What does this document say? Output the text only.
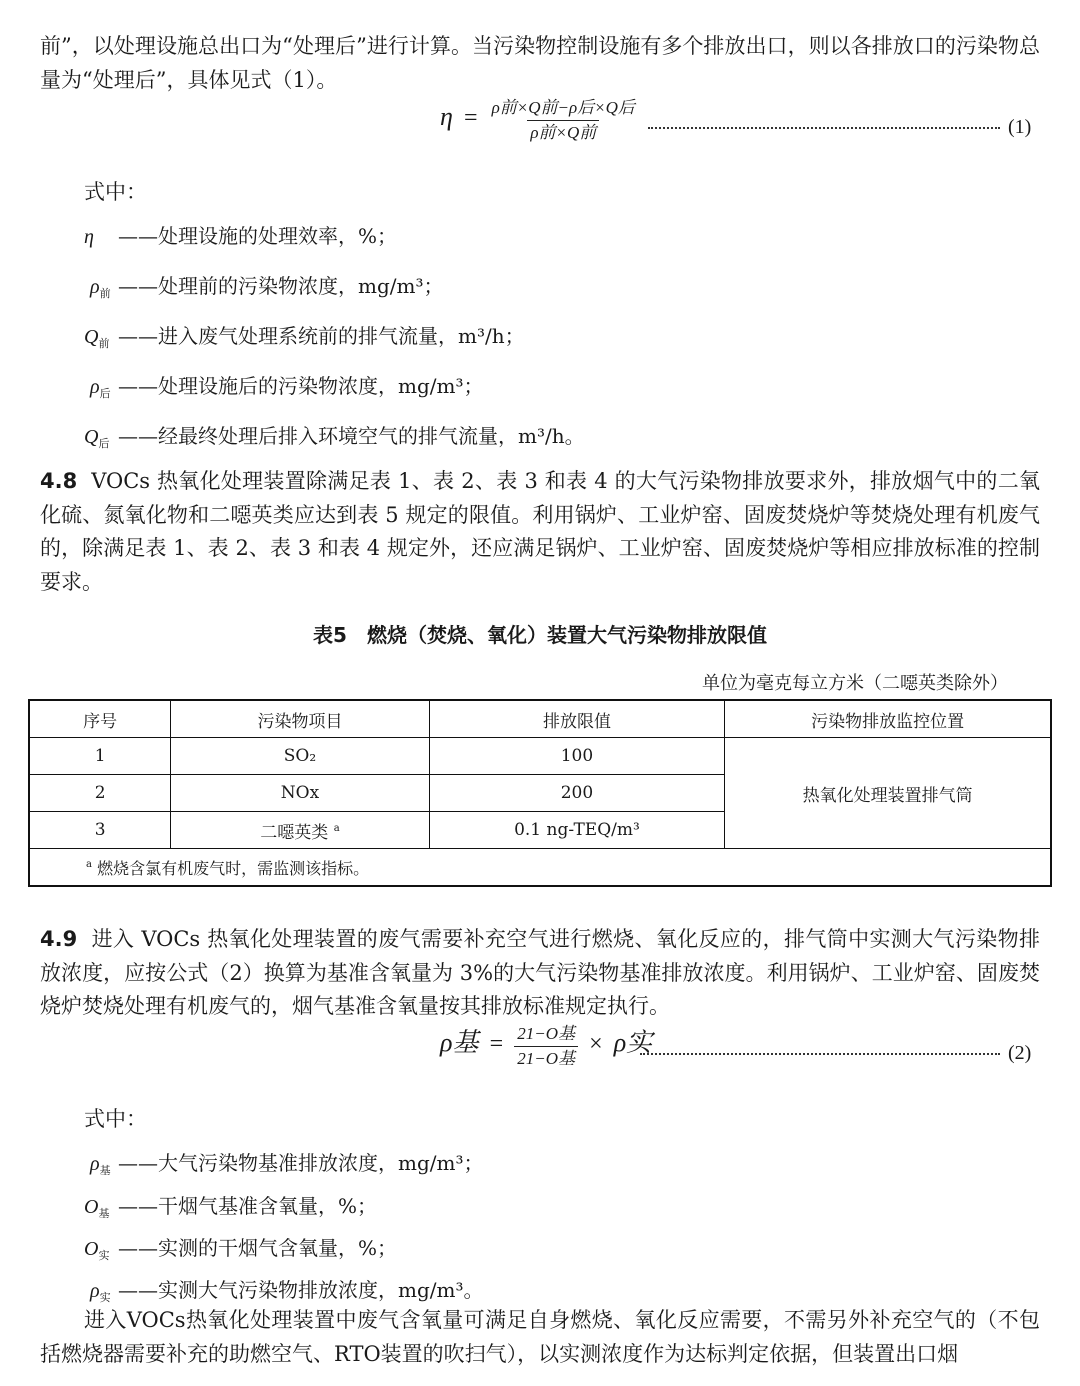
前”，以处理设施总出口为“处理后”进行计算。当污染物控制设施有多个排放出口，则以各排放口的污染物总量为“处理后”，具体见式（1）。

$\eta = \frac{\text{ρ前×Q前−ρ后×Q后}}{\text{ρ前×Q前}}$	(1)
式中：
η ——处理设施的处理效率，%；
$\rho_前$ ——处理前的污染物浓度，mg/m³；
$Q_前$ ——进入废气处理系统前的排气流量，m³/h；
$\rho_后$ ——处理设施后的污染物浓度，mg/m³；
$Q_后$ ——经最终处理后排入环境空气的排气流量，m³/h。

4.8 VOCs 热氧化处理装置除满足表 1、表 2、表 3 和表 4 的大气污染物排放要求外，排放烟气中的二氧化硫、氮氧化物和二噁英类应达到表 5 规定的限值。利用锅炉、工业炉窑、固废焚烧炉等焚烧处理有机废气的，除满足表 1、表 2、表 3 和表 4 规定外，还应满足锅炉、工业炉窑、固废焚烧炉等相应排放标准的控制要求。

表5　燃烧（焚烧、氧化）装置大气污染物排放限值
单位为毫克每立方米（二噁英类除外）
序号	污染物项目	排放限值	污染物排放监控位置
1	SO₂	100	热氧化处理装置排气筒
2	NOx	200	
3	二噁英类 $^a$	0.1 ng-TEQ/m³	
$^a$ 燃烧含氯有机废气时，需监测该指标。			

4.9 进入 VOCs 热氧化处理装置的废气需要补充空气进行燃烧、氧化反应的，排气筒中实测大气污染物排放浓度，应按公式（2）换算为基准含氧量为 3%的大气污染物基准排放浓度。利用锅炉、工业炉窑、固废焚烧炉焚烧处理有机废气的，烟气基准含氧量按其排放标准规定执行。

ρ基 = $\frac{\text{21−O基}}{\text{21−O基}} \times \rho$实	(2)
式中：
$\rho_基$ ——大气污染物基准排放浓度，mg/m³；
$O_基$ ——干烟气基准含氧量，%；
$O_实$ ——实测的干烟气含氧量，%；
$\rho_实$ ——实测大气污染物排放浓度，mg/m³。

进入VOCs热氧化处理装置中废气含氧量可满足自身燃烧、氧化反应需要，不需另外补充空气的（不包括燃烧器需要补充的助燃空气、RTO装置的吹扫气），以实测浓度作为达标判定依据，但装置出口烟
